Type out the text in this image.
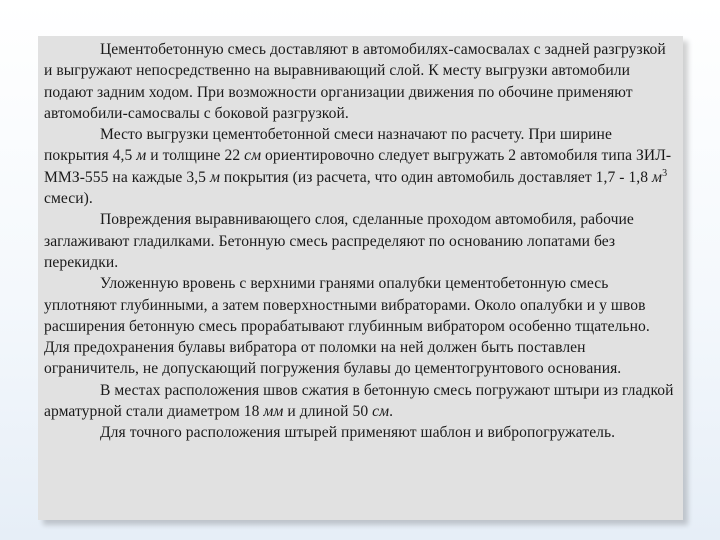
Цементобетонную смесь доставляют в автомобилях-самосвалах с задней разгрузкой и выгружают непосредственно на выравнивающий слой. К месту выгрузки автомобили подают задним ходом. При возможности организации движения по обочине применяют автомобили-самосвалы с боковой разгрузкой.

Место выгрузки цементобетонной смеси назначают по расчету. При ширине покрытия 4,5 м и толщине 22 см ориентировочно следует выгружать 2 автомобиля типа ЗИЛ-ММЗ-555 на каждые 3,5 м покрытия (из расчета, что один автомобиль доставляет 1,7 - 1,8 $м^3$ смеси).

Повреждения выравнивающего слоя, сделанные проходом автомобиля, рабочие заглаживают гладилками. Бетонную смесь распределяют по основанию лопатами без перекидки.

Уложенную вровень с верхними гранями опалубки цементобетонную смесь уплотняют глубинными, а затем поверхностными вибраторами. Около опалубки и у швов расширения бетонную смесь прорабатывают глубинным вибратором особенно тщательно. Для предохранения булавы вибратора от поломки на ней должен быть поставлен ограничитель, не допускающий погружения булавы до цементогрунтового основания.

В местах расположения швов сжатия в бетонную смесь погружают штыри из гладкой арматурной стали диаметром 18 мм и длиной 50 см.

Для точного расположения штырей применяют шаблон и вибропогружатель.
